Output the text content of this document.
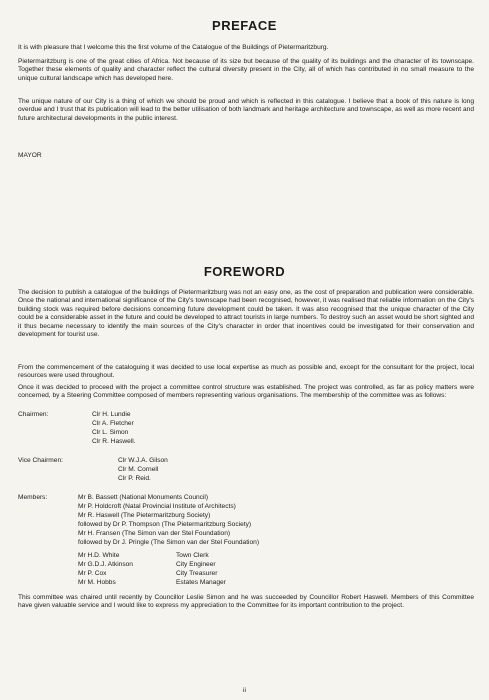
PREFACE

It is with pleasure that I welcome this the first volume of the Catalogue of the Buildings of Pietermaritzburg.

Pietermaritzburg is one of the great cities of Africa. Not because of its size but because of the quality of its buildings and the character of its townscape. Together these elements of quality and character reflect the cultural diversity present in the City, all of which has contributed in no small measure to the unique cultural landscape which has developed here.

The unique nature of our City is a thing of which we should be proud and which is reflected in this catalogue. I believe that a book of this nature is long overdue and I trust that its publication will lead to the better utilisation of both landmark and heritage architecture and townscape, as well as more recent and future architectural developments in the public interest.

MAYOR

FOREWORD

The decision to publish a catalogue of the buildings of Pietermaritzburg was not an easy one, as the cost of preparation and publication were considerable. Once the national and international significance of the City's townscape had been recognised, however, it was realised that reliable information on the City's building stock was required before decisions concerning future development could be taken. It was also recognised that the unique character of the City could be a considerable asset in the future and could be developed to attract tourists in large numbers. To destroy such an asset would be short sighted and it thus became necessary to identify the main sources of the City's character in order that incentives could be investigated for their conservation and development for tourist use.

From the commencement of the cataloguing it was decided to use local expertise as much as possible and, except for the consultant for the project, local resources were used throughout.

Once it was decided to proceed with the project a committee control structure was established. The project was controlled, as far as policy matters were concerned, by a Steering Committee composed of members representing various organisations. The membership of the committee was as follows:

Chairmen:	Clr H. Lundie
Clr A. Fletcher
Clr L. Simon
Clr R. Haswell.
Vice Chairmen:	Clr W.J.A. Gilson
Clr M. Cornell
Clr P. Reid.
Members:	Mr B. Bassett (National Monuments Council)
Mr P. Holdcroft (Natal Provincial Institute of Architects)
Mr R. Haswell (The Pietermaritzburg Society)
followed by Dr P. Thompson (The Pietermaritzburg Society)
Mr H. Fransen (The Simon van der Stel Foundation)
followed by Dr J. Pringle (The Simon van der Stel Foundation)
Mr H.D. White	Town Clerk
Mr G.D.J. Atkinson	City Engineer
Mr P. Cox	City Treasurer
Mr M. Hobbs	Estates Manager

This committee was chaired until recently by Councillor Leslie Simon and he was succeeded by Councillor Robert Haswell. Members of this Committee have given valuable service and I would like to express my appreciation to the Committee for its important contribution to the project.

ii
